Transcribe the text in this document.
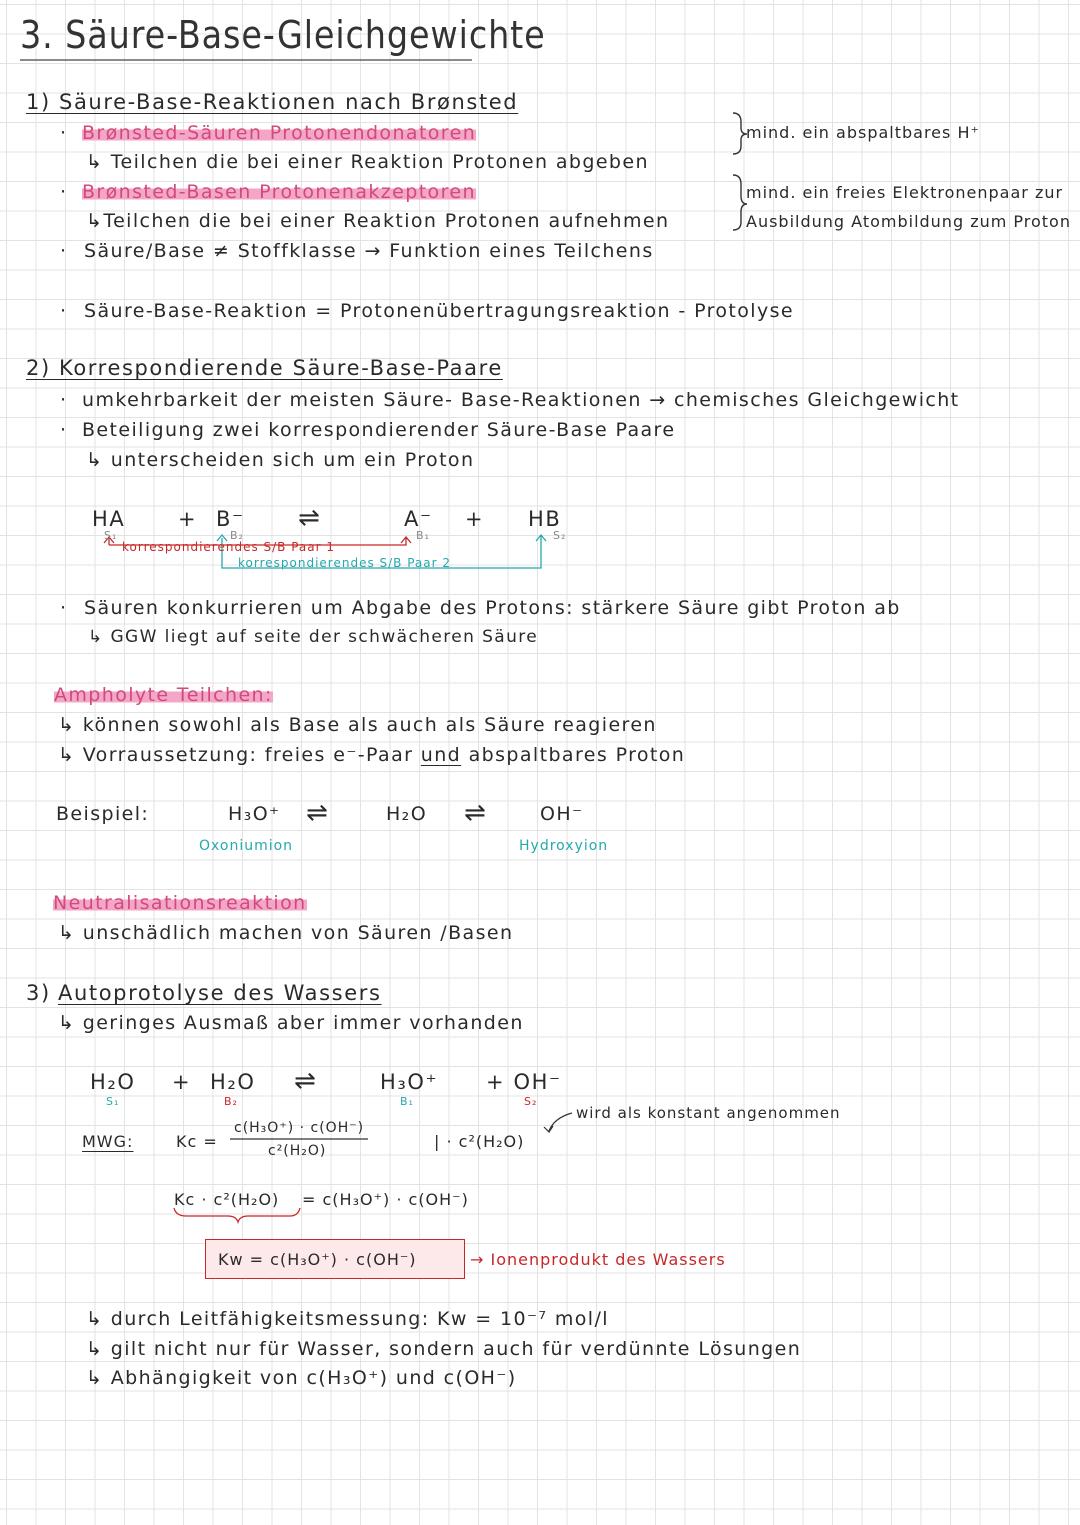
3. Säure-Base-Gleichgewichte
1) Säure-Base-Reaktionen nach Brønsted
· Brønsted-Säuren Protonendonatoren
↳ Teilchen die bei einer Reaktion Protonen abgeben
mind. ein abspaltbares H⁺
· Brønsted-Basen Protonenakzeptoren
↳Teilchen die bei einer Reaktion Protonen aufnehmen
mind. ein freies Elektronenpaar zur
Ausbildung Atombildung zum Proton
· Säure/Base ≠ Stoffklasse → Funktion eines Teilchens
· Säure-Base-Reaktion = Protonenübertragungsreaktion - Protolyse
2) Korrespondierende Säure-Base-Paare
· umkehrbarkeit der meisten Säure- Base-Reaktionen → chemisches Gleichgewicht
· Beteiligung zwei korrespondierender Säure-Base Paare
↳ unterscheiden sich um ein Proton
HA	+ B⁻ ⇌	A⁻ + HB
S₁	B₂	B₁	S₂
korrespondierendes S/B Paar 1
korrespondierendes S/B Paar 2
· Säuren konkurrieren um Abgabe des Protons: stärkere Säure gibt Proton ab
↳ GGW liegt auf seite der schwächeren Säure
Ampholyte Teilchen:
↳ können sowohl als Base als auch als Säure reagieren
↳ Vorraussetzung: freies e⁻-Paar und abspaltbares Proton
Beispiel:	H₃O⁺ ⇌	H₂O ⇌	OH⁻
Oxoniumion	Hydroxyion
Neutralisationsreaktion
↳ unschädlich machen von Säuren /Basen
3) Autoprotolyse des Wassers
↳ geringes Ausmaß aber immer vorhanden
H₂O + H₂O ⇌	H₃O⁺ + OH⁻
S₁	B₂	B₁	S₂
MWG:	Kc =
c(H₃O⁺) · c(OH⁻)
c²(H₂O)	| · c²(H₂O)
wird als konstant angenommen
Kc · c²(H₂O) = c(H₃O⁺) · c(OH⁻)
Kw = c(H₃O⁺) · c(OH⁻)	→ Ionenprodukt des Wassers
↳ durch Leitfähigkeitsmessung: Kw = 10⁻⁷ mol/l
↳ gilt nicht nur für Wasser, sondern auch für verdünnte Lösungen
↳ Abhängigkeit von c(H₃O⁺) und c(OH⁻)
